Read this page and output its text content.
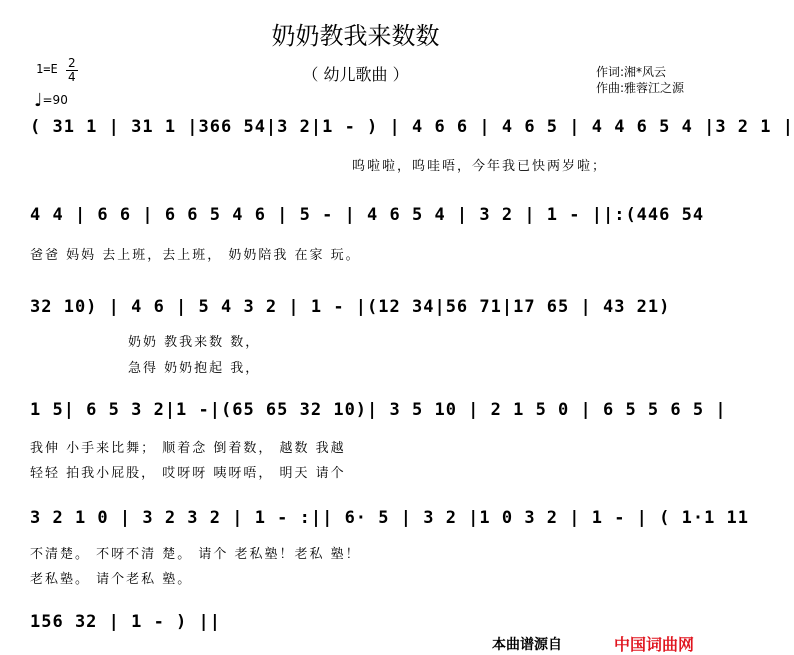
奶奶教我来数数
（ 幼儿歌曲 ）
$1=E \frac{2}{4}$
♩=90
作词:湘*风云
作曲:雅蓉江之源
( 31 1 | 31 1 |366 54|3 2|1 - ) | 4 6 6 | 4 6 5 | 4 4 6 5 4 |3 2 1 |
呜啦啦，呜哇唔，今年我已快两岁啦；
4 4 | 6 6 | 6 6 5 4 6 | 5 - | 4 6 5 4 | 3 2 | 1 - ||:(446 54
爸爸 妈妈 去上班，去上班， 奶奶陪我 在家 玩。
32 10) | 4 6 | 5 4 3 2 | 1 - |(12 34|56 71|17 65 | 43 21)
奶奶 教我来数 数，
急得 奶奶抱起 我，
1 5| 6 5 3 2|1 -|(65 65 32 10)| 3 5 10 | 2 1 5 0 | 6 5 5 6 5 |
我伸 小手来比舞； 顺着念 倒着数， 越数 我越
轻轻 拍我小屁股， 哎呀呀 咦呀唔， 明天 请个
3 2 1 0 | 3 2 3 2 | 1 - :|| 6· 5 | 3 2 |1 0 3 2 | 1 - | ( 1·1 11
不清楚。 不呀不清 楚。 请个 老私塾！老私 塾！
老私塾。 请个老私 塾。
156 32 | 1 - ) ||
本曲谱源自	中国词曲网
